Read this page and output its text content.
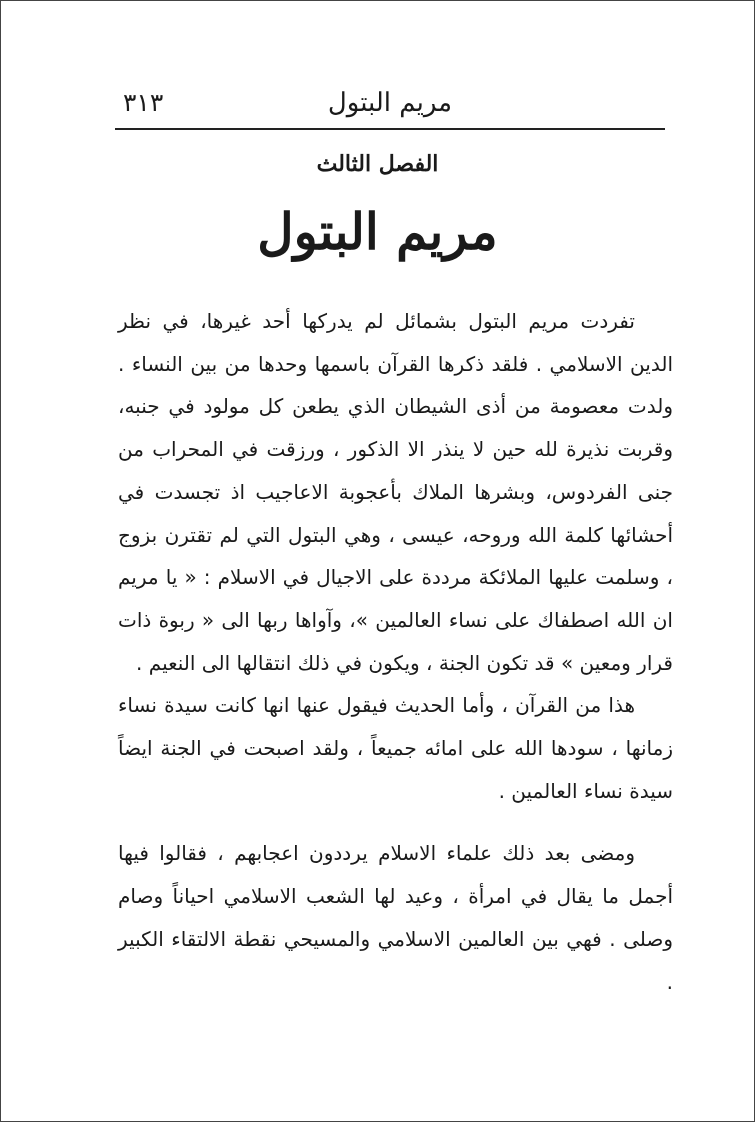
مريم البتول
٣١٣
الفصل الثالث
مريم البتول

تفردت مريم البتول بشمائل لم يدركها أحد غيرها، في نظر الدين الاسلامي . فلقد ذكرها القرآن باسمها وحدها من بين النساء . ولدت معصومة من أذى الشيطان الذي يطعن كل مولود في جنبه، وقربت نذيرة لله حين لا ينذر الا الذكور ، ورزقت في المحراب من جنى الفردوس، وبشرها الملاك بأعجوبة الاعاجيب اذ تجسدت في أحشائها كلمة الله وروحه، عيسى ، وهي البتول التي لم تقترن بزوج ، وسلمت عليها الملائكة مرددة على الاجيال في الاسلام : « يا مريم ان الله اصطفاك على نساء العالمين »، وآواها ربها الى « ربوة ذات قرار ومعين » قد تكون الجنة ، ويكون في ذلك انتقالها الى النعيم .

هذا من القرآن ، وأما الحديث فيقول عنها انها كانت سيدة نساء زمانها ، سودها الله على امائه جميعاً ، ولقد اصبحت في الجنة ايضاً سيدة نساء العالمين .

ومضى بعد ذلك علماء الاسلام يرددون اعجابهم ، فقالوا فيها أجمل ما يقال في امرأة ، وعيد لها الشعب الاسلامي احياناً وصام وصلى . فهي بين العالمين الاسلامي والمسيحي نقطة الالتقاء الكبير .
